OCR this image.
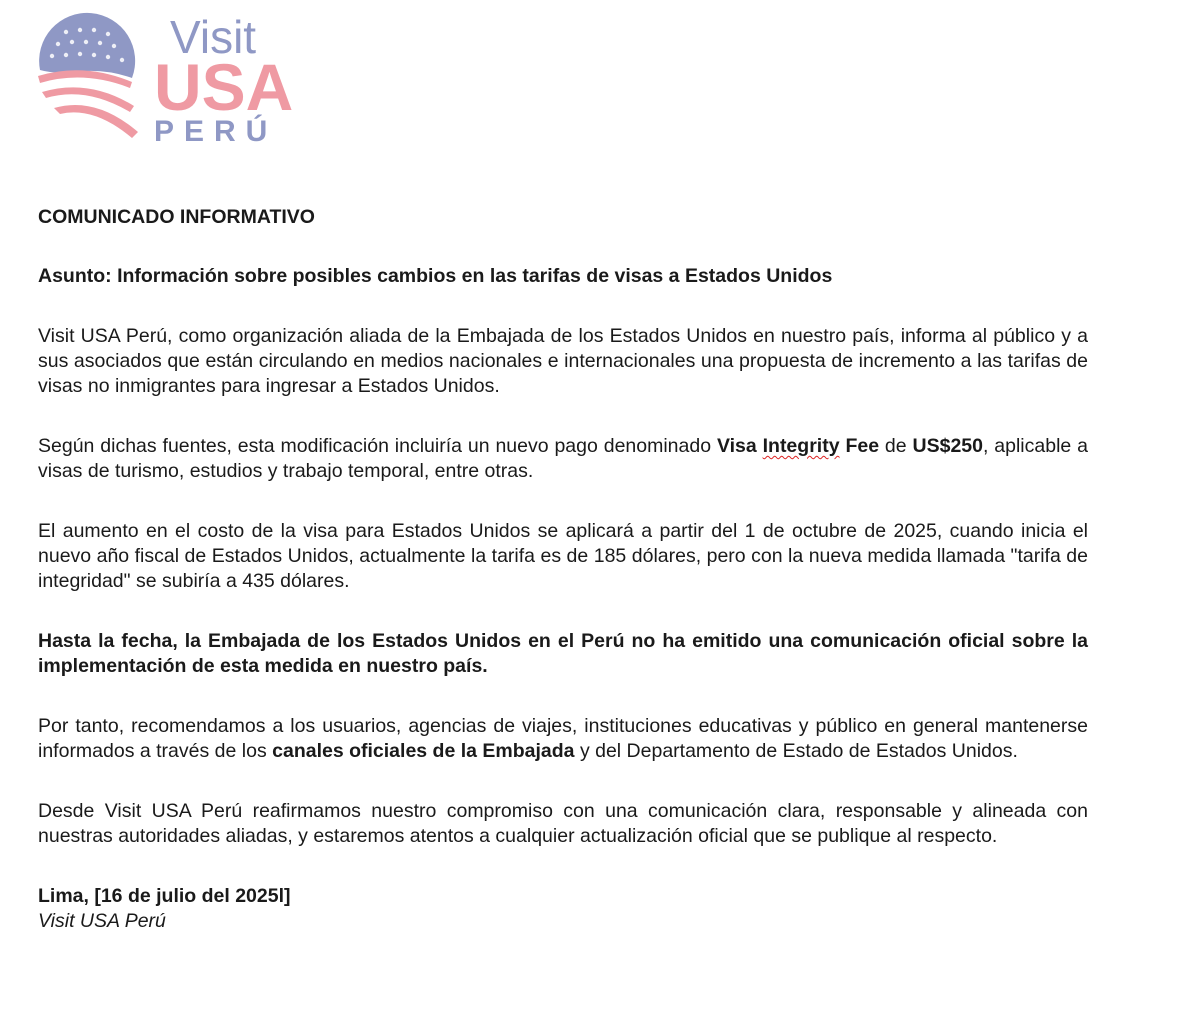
Visit
USA
PERÚ

COMUNICADO INFORMATIVO

Asunto: Información sobre posibles cambios en las tarifas de visas a Estados Unidos

Visit USA Perú, como organización aliada de la Embajada de los Estados Unidos en nuestro país, informa al público y a sus asociados que están circulando en medios nacionales e internacionales una propuesta de incremento a las tarifas de visas no inmigrantes para ingresar a Estados Unidos.

Según dichas fuentes, esta modificación incluiría un nuevo pago denominado Visa Integrity Fee de US$250, aplicable a visas de turismo, estudios y trabajo temporal, entre otras.

El aumento en el costo de la visa para Estados Unidos se aplicará a partir del 1 de octubre de 2025, cuando inicia el nuevo año fiscal de Estados Unidos, actualmente la tarifa es de 185 dólares, pero con la nueva medida llamada "tarifa de integridad" se subiría a 435 dólares.

Hasta la fecha, la Embajada de los Estados Unidos en el Perú no ha emitido una comunicación oficial sobre la implementación de esta medida en nuestro país.

Por tanto, recomendamos a los usuarios, agencias de viajes, instituciones educativas y público en general mantenerse informados a través de los canales oficiales de la Embajada y del Departamento de Estado de Estados Unidos.

Desde Visit USA Perú reafirmamos nuestro compromiso con una comunicación clara, responsable y alineada con nuestras autoridades aliadas, y estaremos atentos a cualquier actualización oficial que se publique al respecto.

Lima, [16 de julio del 2025l]

Visit USA Perú
